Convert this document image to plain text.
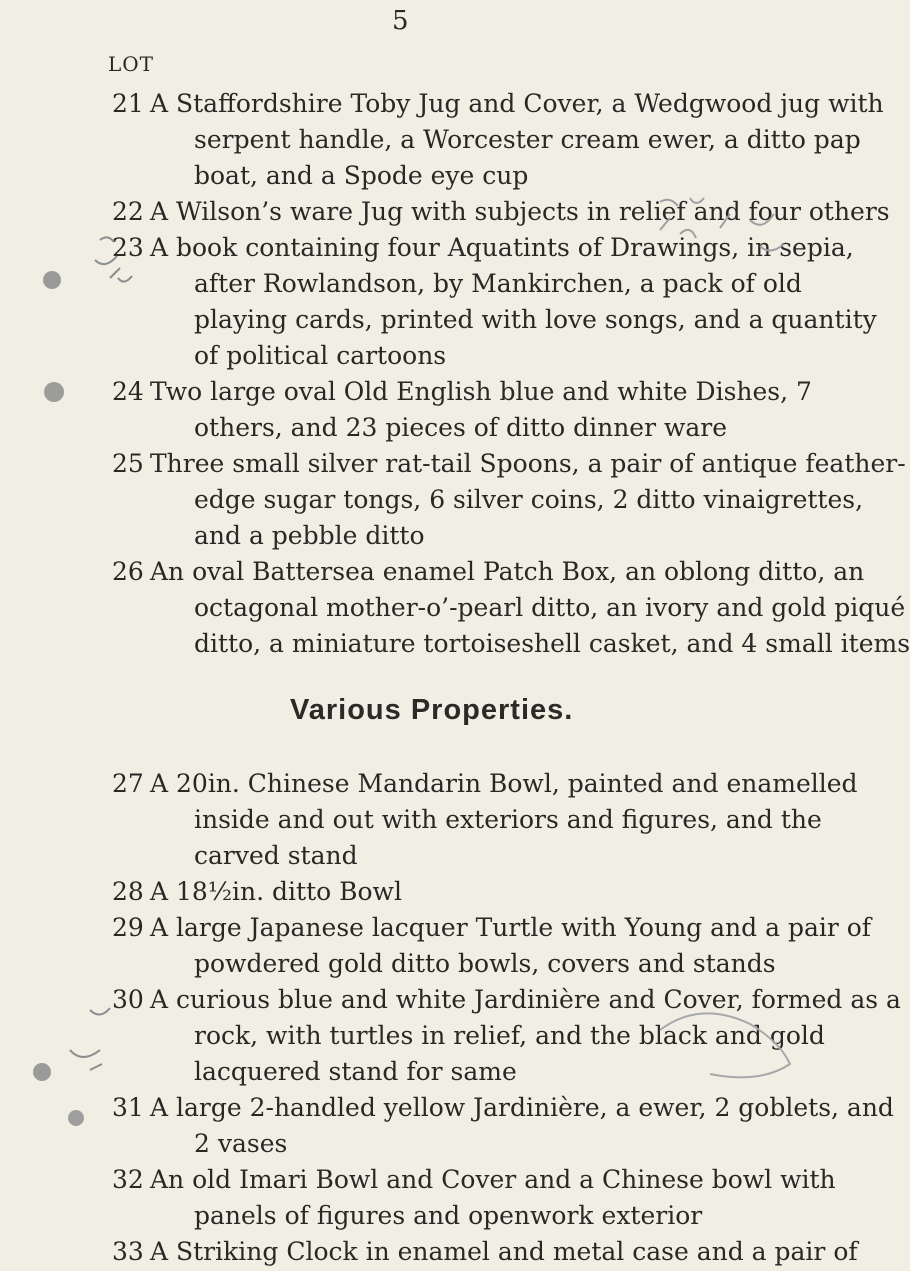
5
LOT
21 A Staffordshire Toby Jug and Cover, a Wedgwood jug with
serpent handle, a Worcester cream ewer, a ditto pap
boat, and a Spode eye cup
22 A Wilson’s ware Jug with subjects in relief and four others
23 A book containing four Aquatints of Drawings, in sepia,
after Rowlandson, by Mankirchen, a pack of old
playing cards, printed with love songs, and a quantity
of political cartoons
24 Two large oval Old English blue and white Dishes, 7
others, and 23 pieces of ditto dinner ware
25 Three small silver rat-tail Spoons, a pair of antique feather-
edge sugar tongs, 6 silver coins, 2 ditto vinaigrettes,
and a pebble ditto
26 An oval Battersea enamel Patch Box, an oblong ditto, an
octagonal mother-o’-pearl ditto, an ivory and gold piqué
ditto, a miniature tortoiseshell casket, and 4 small items
Various Properties.
27 A 20in. Chinese Mandarin Bowl, painted and enamelled
inside and out with exteriors and figures, and the
carved stand
28 A 18½in. ditto Bowl
29 A large Japanese lacquer Turtle with Young and a pair of
powdered gold ditto bowls, covers and stands
30 A curious blue and white Jardinière and Cover, formed as a
rock, with turtles in relief, and the black and gold
lacquered stand for same
31 A large 2-handled yellow Jardinière, a ewer, 2 goblets, and
2 vases
32 An old Imari Bowl and Cover and a Chinese bowl with
panels of figures and openwork exterior
33 A Striking Clock in enamel and metal case and a pair of
